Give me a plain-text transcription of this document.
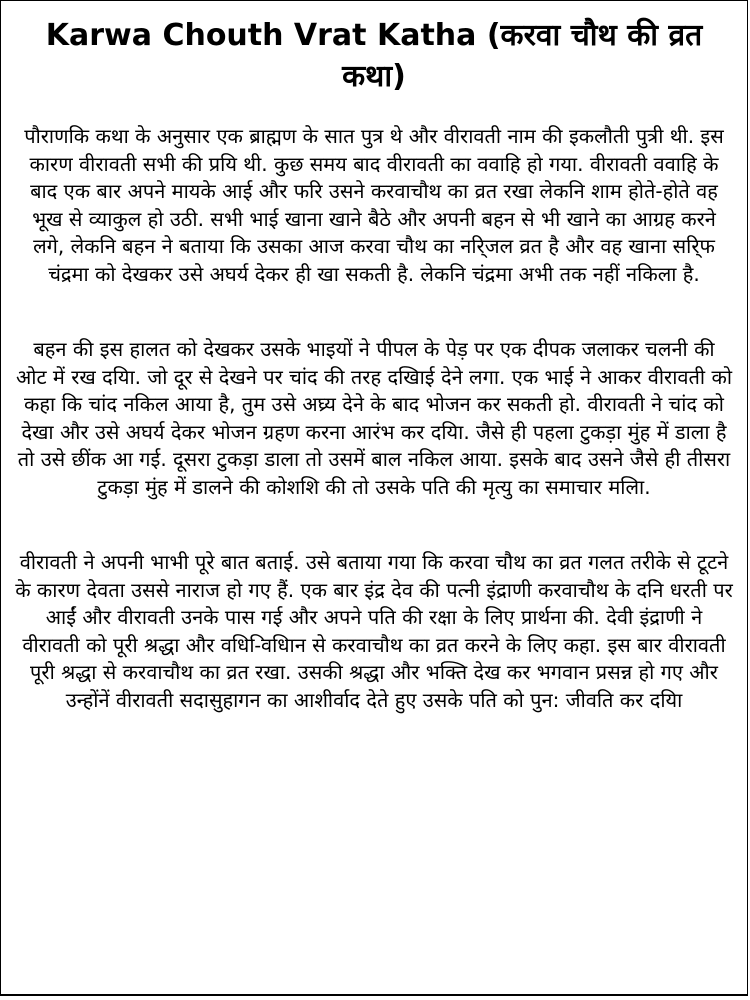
Karwa Chouth Vrat Katha (करवा चौथ की व्रत कथा)

पौराणकि कथा के अनुसार एक ब्राह्मण के सात पुत्र थे और वीरावती नाम की इकलौती पुत्री थी. इस कारण वीरावती सभी की प्रयि थी. कुछ समय बाद वीरावती का ववाहि हो गया. वीरावती ववाहि के बाद एक बार अपने मायके आई और फरि उसने करवाचौथ का व्रत रखा लेकनि शाम होते-होते वह भूख से व्याकुल हो उठी. सभी भाई खाना खाने बैठे और अपनी बहन से भी खाने का आग्रह करने लगे, लेकनि बहन ने बताया कि उसका आज करवा चौथ का नरि्जल व्रत है और वह खाना सरि्फ चंद्रमा को देखकर उसे अघर्य देकर ही खा सकती है. लेकनि चंद्रमा अभी तक नहीं नकिला है.

बहन की इस हालत को देखकर उसके भाइयों ने पीपल के पेड़ पर एक दीपक जलाकर चलनी की ओट में रख दयिा. जो दूर से देखने पर चांद की तरह दखिाई देने लगा. एक भाई ने आकर वीरावती को कहा कि चांद नकिल आया है, तुम उसे अघ्र्य देने के बाद भोजन कर सकती हो. वीरावती ने चांद को देखा और उसे अघर्य देकर भोजन ग्रहण करना आरंभ कर दयिा. जैसे ही पहला टुकड़ा मुंह में डाला है तो उसे छींक आ गई. दूसरा टुकड़ा डाला तो उसमें बाल नकिल आया. इसके बाद उसने जैसे ही तीसरा टुकड़ा मुंह में डालने की कोशशि की तो उसके पति की मृत्यु का समाचार मलिा.

वीरावती ने अपनी भाभी पूरे बात बताई. उसे बताया गया कि करवा चौथ का व्रत गलत तरीके से टूटने के कारण देवता उससे नाराज हो गए हैं. एक बार इंद्र देव की पत्नी इंद्राणी करवाचौथ के दनि धरती पर आईं और वीरावती उनके पास गई और अपने पति की रक्षा के लिए प्रार्थना की. देवी इंद्राणी ने वीरावती को पूरी श्रद्धा और वधि-िवधिान से करवाचौथ का व्रत करने के लिए कहा. इस बार वीरावती पूरी श्रद्धा से करवाचौथ का व्रत रखा. उसकी श्रद्धा और भक्ति देख कर भगवान प्रसन्न हो गए और उन्होंनें वीरावती सदासुहागन का आशीर्वाद देते हुए उसके पति को पुन: जीवति कर दयिा
